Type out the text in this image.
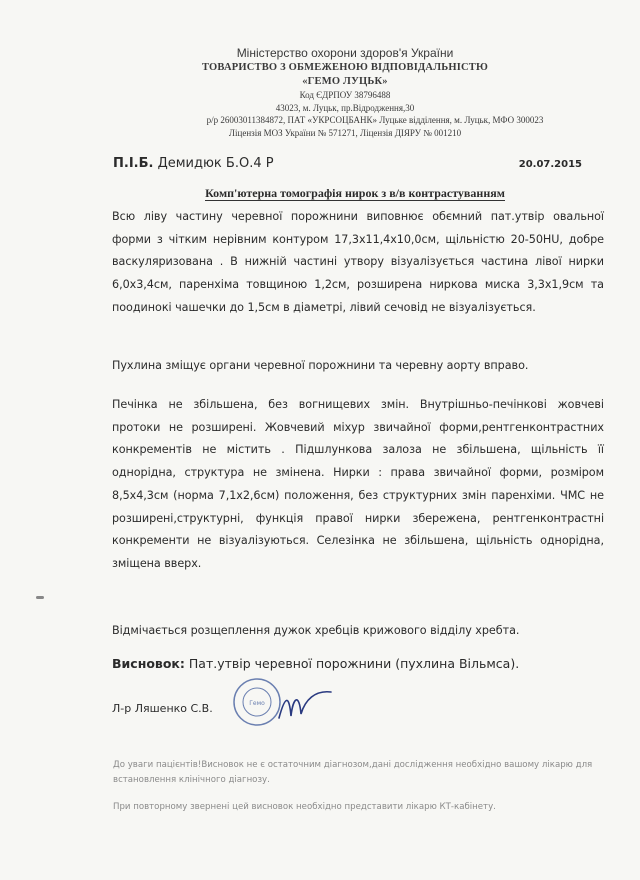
Міністерство охорони здоров'я України
ТОВАРИСТВО З ОБМЕЖЕНОЮ ВІДПОВІДАЛЬНІСТЮ
«ГЕМО ЛУЦЬК»
Код ЄДРПОУ 38796488
43023, м. Луцьк, пр.Відродження,30
р/р 26003011384872, ПАТ «УКРСОЦБАНК» Луцьке відділення, м. Луцьк, МФО 300023
Ліцензія МОЗ України № 571271, Ліцензія ДІЯРУ № 001210
П.І.Б. Демидюк Б.О.4 Р	20.07.2015
Комп'ютерна томографія нирок з в/в контрастуванням
Всю ліву частину черевної порожнини виповнює обємний пат.утвір овальної форми з чітким нерівним контуром 17,3х11,4х10,0см, щільністю 20-50HU, добре васкуляризована . В нижній частині утвору візуалізується частина лівої нирки 6,0х3,4см, паренхіма товщиною 1,2см, розширена ниркова миска 3,3х1,9см та поодинокі чашечки до 1,5см в діаметрі, лівий сечовід не візуалізується.
Пухлина зміщує органи черевної порожнини та черевну аорту вправо.
Печінка не збільшена, без вогнищевих змін. Внутрішньо-печінкові жовчеві протоки не розширені. Жовчевий міхур звичайної форми,рентгенконтрастних конкрементів не містить . Підшлункова залоза не збільшена, щільність її однорідна, структура не змінена. Нирки : права звичайної форми, розміром 8,5х4,3см (норма 7,1х2,6см) положення, без структурних змін паренхіми. ЧМС не розширені,структурні, функція правої нирки збережена, рентгенконтрастні конкременти не візуалізуються. Селезінка не збільшена, щільність однорідна, зміщена вверх.
Відмічається розщеплення дужок хребців крижового відділу хребта.
Висновок: Пат.утвір черевної порожнини (пухлина Вільмса).
Л-р Ляшенко С.В.	Гемо
До уваги пацієнтів!Висновок не є остаточним діагнозом,дані дослідження необхідно вашому лікарю для встановлення клінічного діагнозу.
При повторному звернені цей висновок необхідно представити лікарю КТ-кабінету.
